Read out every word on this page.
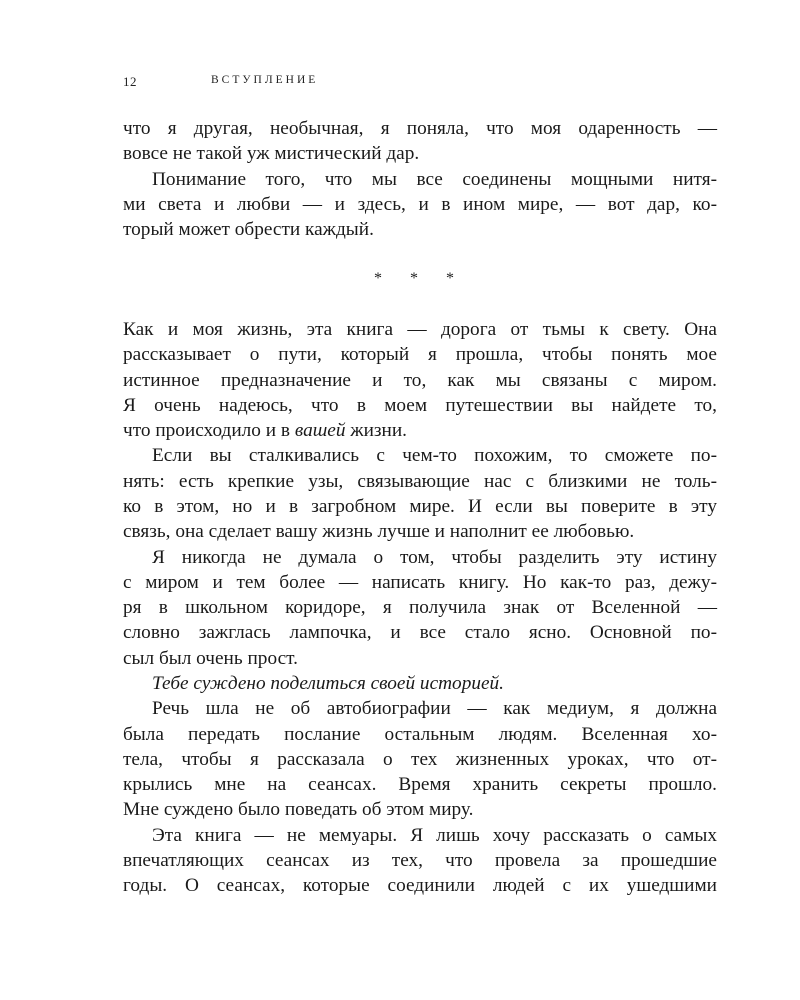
12	ВСТУПЛЕНИЕ
что я другая, необычная, я поняла, что моя одаренность —
вовсе не такой уж мистический дар.
Понимание того, что мы все соединены мощными нитя-
ми света и любви — и здесь, и в ином мире, — вот дар, ко-
торый может обрести каждый.
* * *
Как и моя жизнь, эта книга — дорога от тьмы к свету. Она
рассказывает о пути, который я прошла, чтобы понять мое
истинное предназначение и то, как мы связаны с миром.
Я очень надеюсь, что в моем путешествии вы найдете то,
что происходило и в вашей жизни.
Если вы сталкивались с чем-то похожим, то сможете по-
нять: есть крепкие узы, связывающие нас с близкими не толь-
ко в этом, но и в загробном мире. И если вы поверите в эту
связь, она сделает вашу жизнь лучше и наполнит ее любовью.
Я никогда не думала о том, чтобы разделить эту истину
с миром и тем более — написать книгу. Но как-то раз, дежу-
ря в школьном коридоре, я получила знак от Вселенной —
словно зажглась лампочка, и все стало ясно. Основной по-
сыл был очень прост.
Тебе суждено поделиться своей историей.
Речь шла не об автобиографии — как медиум, я должна
была передать послание остальным людям. Вселенная хо-
тела, чтобы я рассказала о тех жизненных уроках, что от-
крылись мне на сеансах. Время хранить секреты прошло.
Мне суждено было поведать об этом миру.
Эта книга — не мемуары. Я лишь хочу рассказать о самых
впечатляющих сеансах из тех, что провела за прошедшие
годы. О сеансах, которые соединили людей с их ушедшими
